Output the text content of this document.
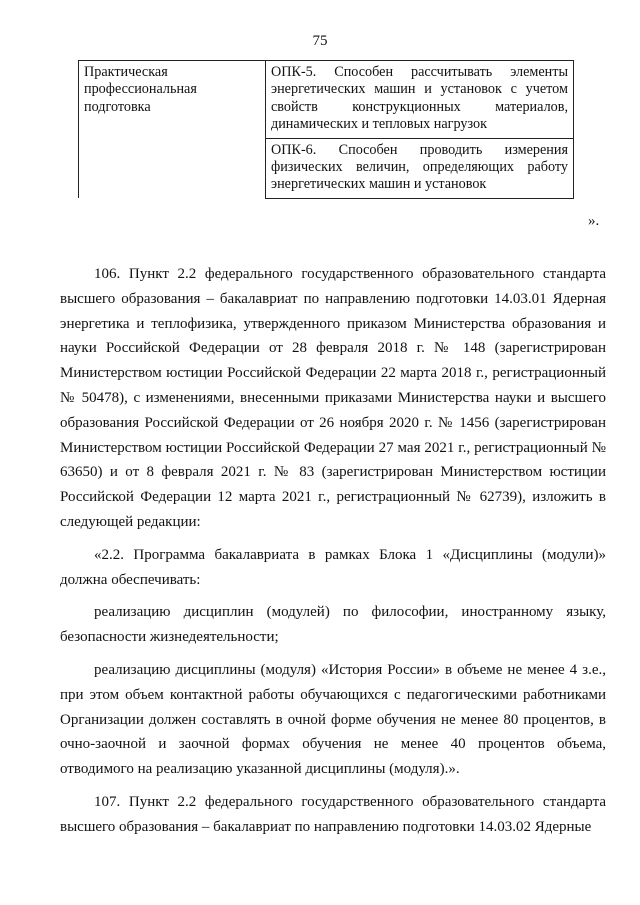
75
Практическая
профессиональная
подготовка	ОПК-5. Способен рассчитывать элементы энергетических машин и установок с учетом свойств конструкционных материалов, динамических и тепловых нагрузок
	ОПК-6. Способен проводить измерения физических величин, определяющих работу энергетических машин и установок
».

106. Пункт 2.2 федерального государственного образовательного стандарта высшего образования – бакалавриат по направлению подготовки 14.03.01 Ядерная энергетика и теплофизика, утвержденного приказом Министерства образования и науки Российской Федерации от 28 февраля 2018 г. № 148 (зарегистрирован Министерством юстиции Российской Федерации 22 марта 2018 г., регистрационный № 50478), с изменениями, внесенными приказами Министерства науки и высшего образования Российской Федерации от 26 ноября 2020 г. № 1456 (зарегистрирован Министерством юстиции Российской Федерации 27 мая 2021 г., регистрационный № 63650) и от 8 февраля 2021 г. № 83 (зарегистрирован Министерством юстиции Российской Федерации 12 марта 2021 г., регистрационный № 62739), изложить в следующей редакции:

«2.2. Программа бакалавриата в рамках Блока 1 «Дисциплины (модули)» должна обеспечивать:

реализацию дисциплин (модулей) по философии, иностранному языку, безопасности жизнедеятельности;

реализацию дисциплины (модуля) «История России» в объеме не менее 4 з.е., при этом объем контактной работы обучающихся с педагогическими работниками Организации должен составлять в очной форме обучения не менее 80 процентов, в очно-заочной и заочной формах обучения не менее 40 процентов объема, отводимого на реализацию указанной дисциплины (модуля).».

107. Пункт 2.2 федерального государственного образовательного стандарта высшего образования – бакалавриат по направлению подготовки 14.03.02 Ядерные
